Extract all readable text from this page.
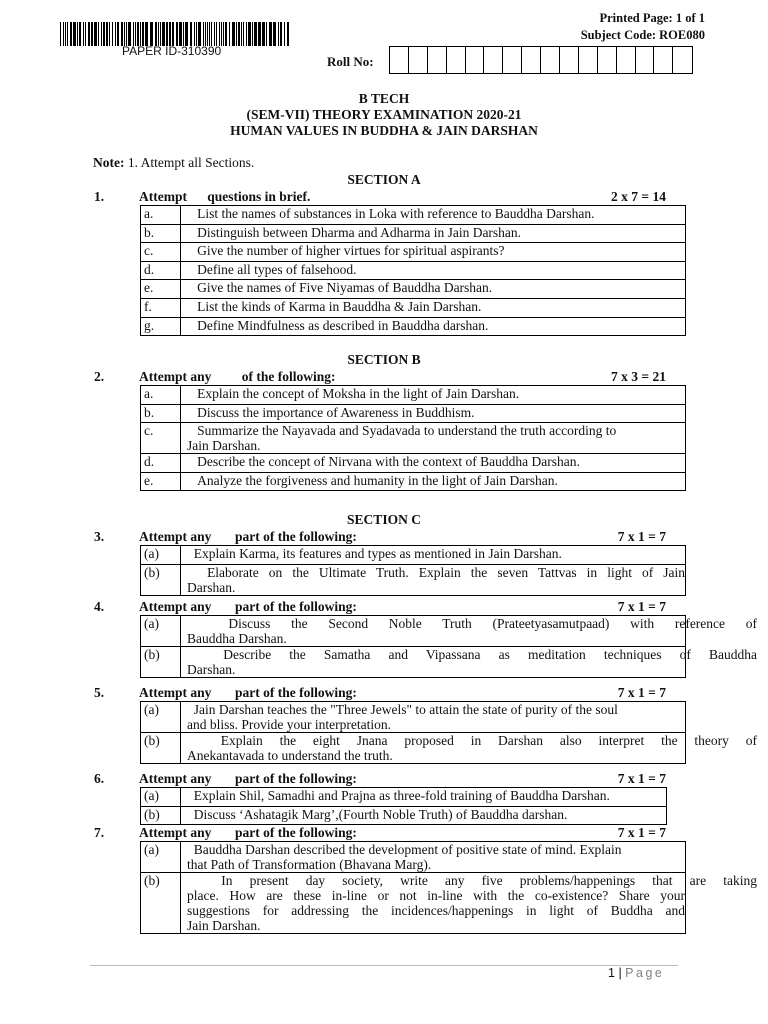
PAPER ID-310390
Printed Page: 1 of 1
Subject Code: ROE080
Roll No:
B TECH
(SEM-VII) THEORY EXAMINATION 2020-21
HUMAN VALUES IN BUDDHA & JAIN DARSHAN
Note: 1. Attempt all Sections.
SECTION A
1.	Attempt      questions in brief.	2 x 7 = 14
a.	List the names of substances in Loka with reference to Bauddha Darshan.
b.	Distinguish between Dharma and Adharma in Jain Darshan.
c.	Give the number of higher virtues for spiritual aspirants?
d.	Define all types of falsehood.
e.	Give the names of Five Niyamas of Bauddha Darshan.
f.	List the kinds of Karma in Bauddha & Jain Darshan.
g.	Define Mindfulness as described in Bauddha darshan.
SECTION B
2.	Attempt any         of the following:	7 x 3 = 21
a.	Explain the concept of Moksha in the light of Jain Darshan.
b.	Discuss the importance of Awareness in Buddhism.
c.	Summarize the Nayavada and Syadavada to understand the truth according to
Jain Darshan.

d.	Describe the concept of Nirvana with the context of Bauddha Darshan.
e.	Analyze the forgiveness and humanity in the light of Jain Darshan.
SECTION C
3.	Attempt any       part of the following:	7 x 1 = 7
(a)	Explain Karma, its features and types as mentioned in Jain Darshan.
(b)	Elaborate on the Ultimate Truth. Explain the seven Tattvas in light of Jain
Darshan.
4.	Attempt any       part of the following:	7 x 1 = 7
(a)	Discuss the Second Noble Truth (Prateetyasamutpaad) with reference of
Bauddha Darshan.

(b)	Describe the Samatha and Vipassana as meditation techniques of Bauddha
Darshan.
5.	Attempt any       part of the following:	7 x 1 = 7
(a)	Jain Darshan teaches the "Three Jewels" to attain the state of purity of the soul
and bliss. Provide your interpretation.

(b)	Explain the eight Jnana proposed in Darshan also interpret the theory of
Anekantavada to understand the truth.
6.	Attempt any       part of the following:	7 x 1 = 7
(a)	Explain Shil, Samadhi and Prajna as three-fold training of Bauddha Darshan.
(b)	Discuss ‘Ashatagik Marg’,(Fourth Noble Truth) of Bauddha darshan.
7.	Attempt any       part of the following:	7 x 1 = 7
(a)	Bauddha Darshan described the development of positive state of mind. Explain
that Path of Transformation (Bhavana Marg).

(b)	In present day society, write any five problems/happenings that are taking
place. How are these in-line or not in-line with the co-existence? Share your
suggestions for addressing the incidences/happenings in light of Buddha and
Jain Darshan.
1 | Page
